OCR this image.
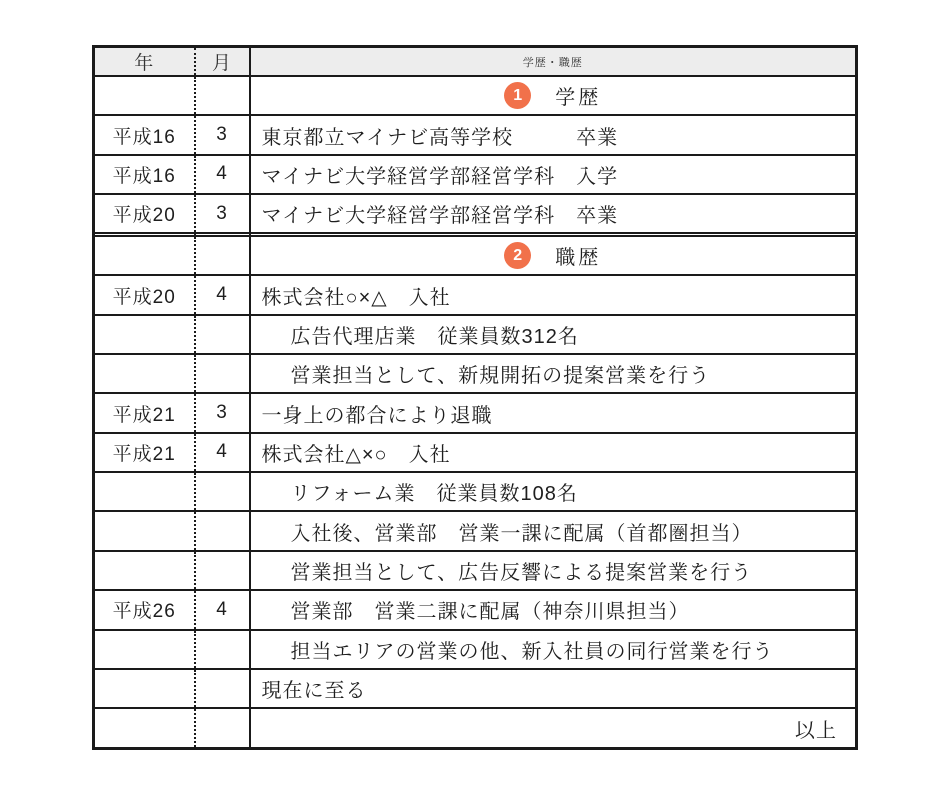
年	月	学歴・職歴
		1 学歴
平成16	3	東京都立マイナビ高等学校　　　卒業
平成16	4	マイナビ大学経営学部経営学科　入学
平成20	3	マイナビ大学経営学部経営学科　卒業

		2 職歴
平成20	4	株式会社○×△　入社
		広告代理店業　従業員数312名
		営業担当として、新規開拓の提案営業を行う
平成21	3	一身上の都合により退職
平成21	4	株式会社△×○　入社
		リフォーム業　従業員数108名
		入社後、営業部　営業一課に配属（首都圏担当）
		営業担当として、広告反響による提案営業を行う
平成26	4	営業部　営業二課に配属（神奈川県担当）
		担当エリアの営業の他、新入社員の同行営業を行う
		現在に至る
		以上
